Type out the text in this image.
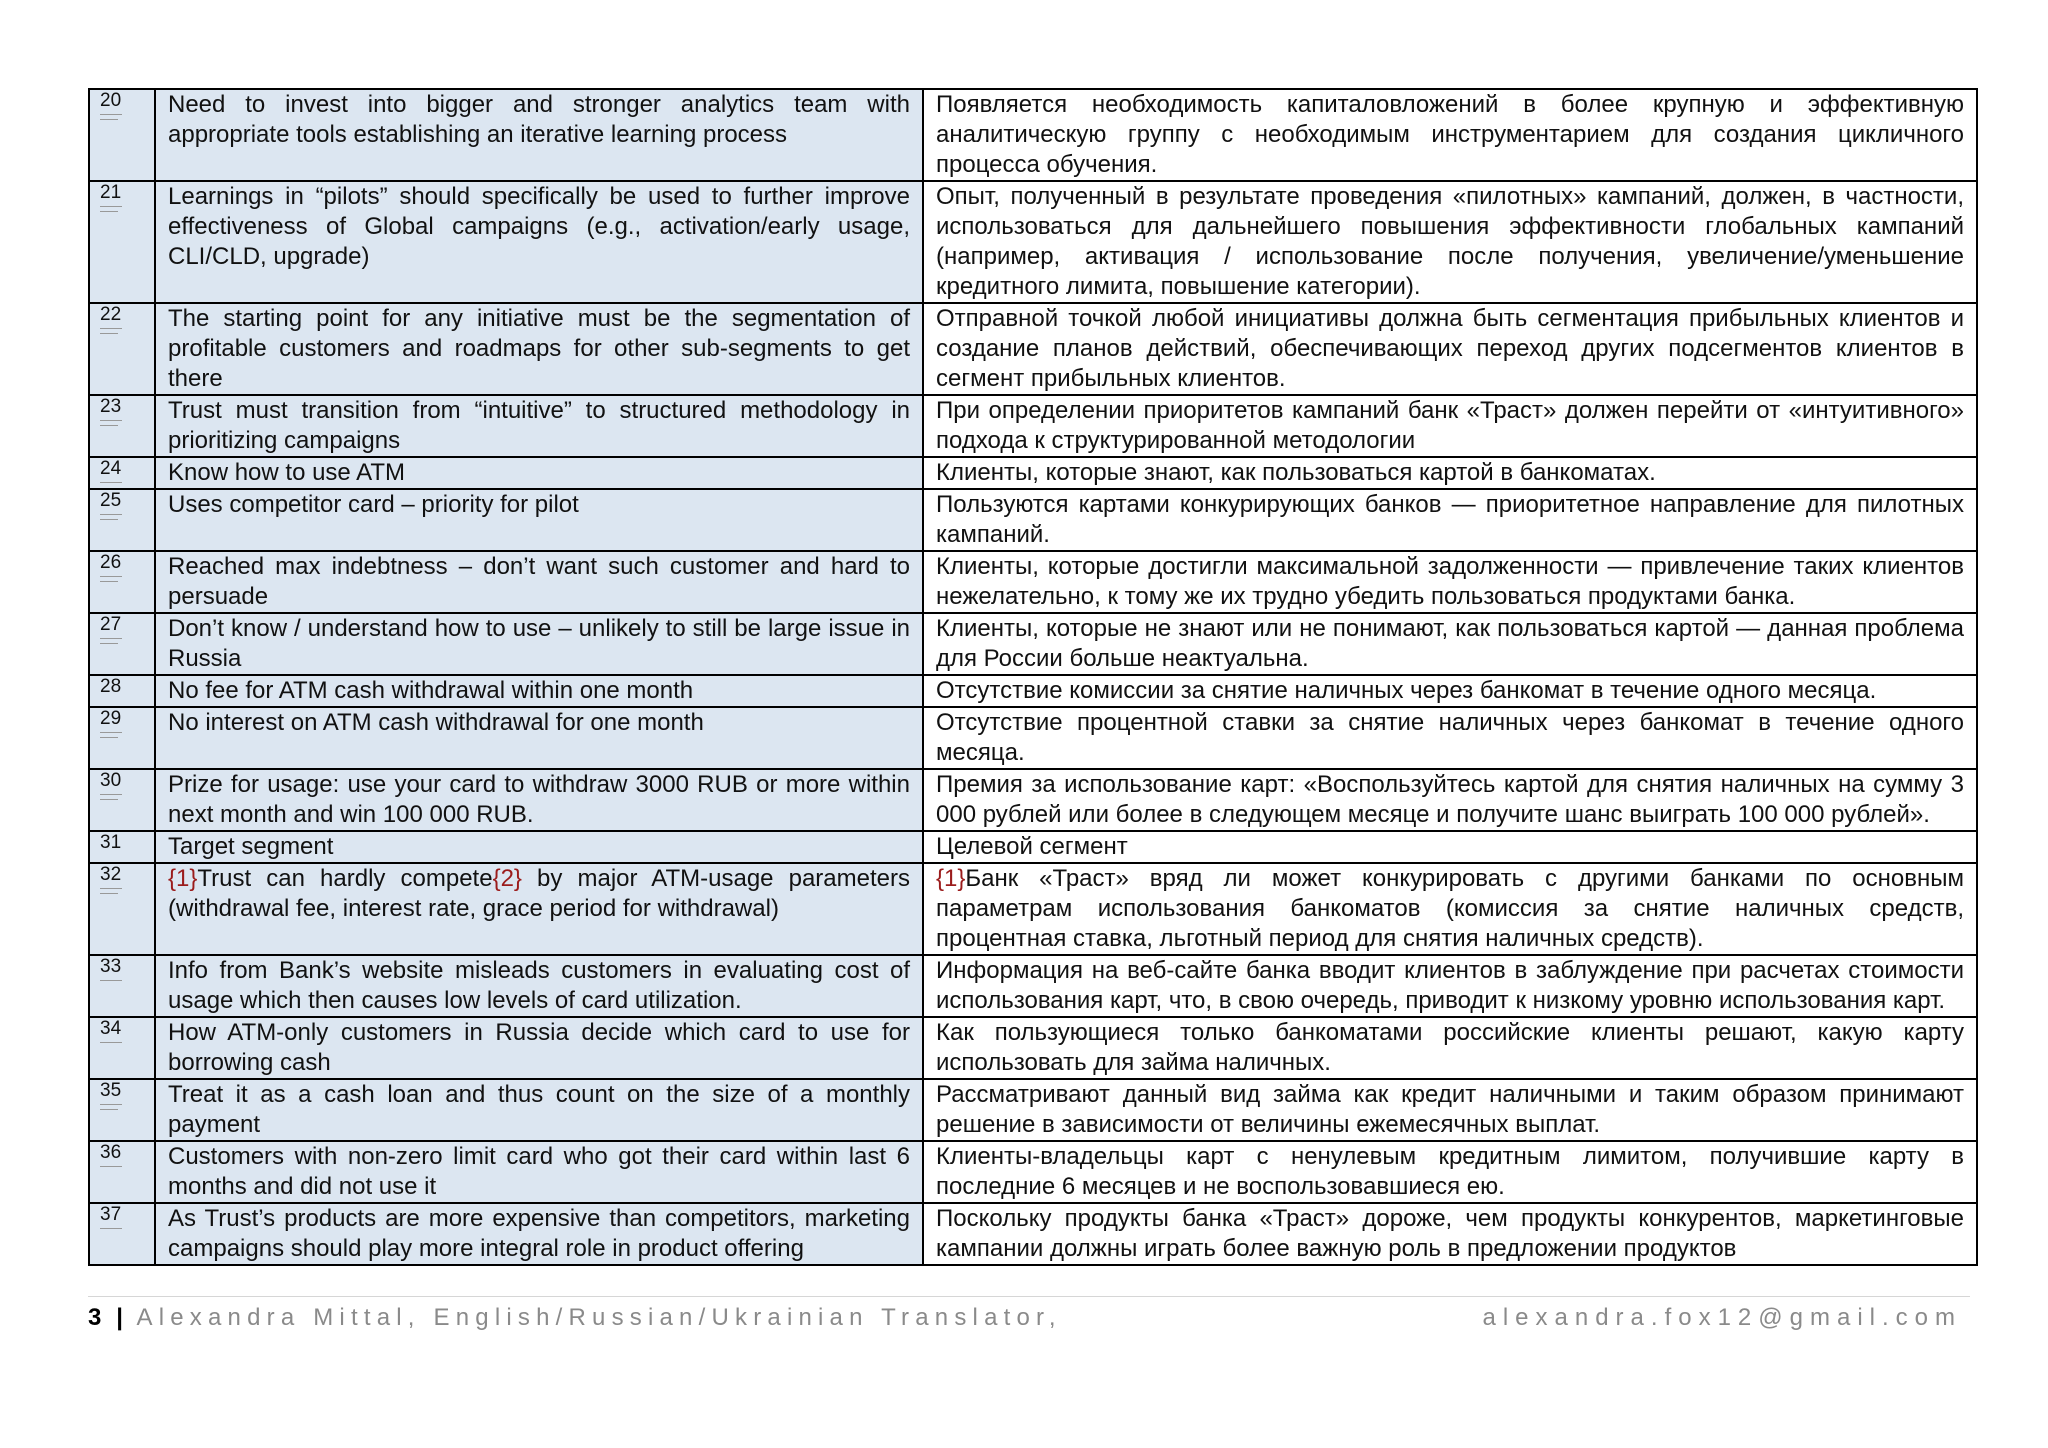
20	Need to invest into bigger and stronger analytics team with appropriate tools establishing an iterative learning process	Появляется необходимость капиталовложений в более крупную и эффективную аналитическую группу с необходимым инструментарием для создания цикличного процесса обучения.

21	Learnings in “pilots” should specifically be used to further improve effectiveness of Global campaigns (e.g., activation/early usage, CLI/CLD, upgrade)	Опыт, полученный в результате проведения «пилотных» кампаний, должен, в частности, использоваться для дальнейшего повышения эффективности глобальных кампаний (например, активация / использование после получения, увеличение/уменьшение кредитного лимита, повышение категории).

22	The starting point for any initiative must be the segmentation of profitable customers and roadmaps for other sub-segments to get there	Отправной точкой любой инициативы должна быть сегментация прибыльных клиентов и создание планов действий, обеспечивающих переход других подсегментов клиентов в сегмент прибыльных клиентов.

23	Trust must transition from “intuitive” to structured methodology in prioritizing campaigns	При определении приоритетов кампаний банк «Траст» должен перейти от «интуитивного» подхода к структурированной методологии

24	Know how to use ATM	Клиенты, которые знают, как пользоваться картой в банкоматах.

25	Uses competitor card – priority for pilot	Пользуются картами конкурирующих банков — приоритетное направление для пилотных кампаний.

26	Reached max indebtness – don’t want such customer and hard to persuade	Клиенты, которые достигли максимальной задолженности — привлечение таких клиентов нежелательно, к тому же их трудно убедить пользоваться продуктами банка.

27	Don’t know / understand how to use – unlikely to still be large issue in Russia	Клиенты, которые не знают или не понимают, как пользоваться картой — данная проблема для России больше неактуальна.

28	No fee for ATM cash withdrawal within one month	Отсутствие комиссии за снятие наличных через банкомат в течение одного месяца.

29	No interest on ATM cash withdrawal for one month	Отсутствие процентной ставки за снятие наличных через банкомат в течение одного месяца.

30	Prize for usage: use your card to withdraw 3000 RUB or more within next month and win 100 000 RUB.	Премия за использование карт: «Воспользуйтесь картой для снятия наличных на сумму 3 000 рублей или более в следующем месяце и получите шанс выиграть 100 000 рублей».

31	Target segment	Целевой сегмент

32	{1}Trust can hardly compete{2} by major ATM-usage parameters (withdrawal fee, interest rate, grace period for withdrawal)	{1}Банк «Траст» вряд ли может конкурировать с другими банками по основным параметрам использования банкоматов (комиссия за снятие наличных средств, процентная ставка, льготный период для снятия наличных средств).

33	Info from Bank’s website misleads customers in evaluating cost of usage which then causes low levels of card utilization.	Информация на веб-сайте банка вводит клиентов в заблуждение при расчетах стоимости использования карт, что, в свою очередь, приводит к низкому уровню использования карт.

34	How ATM-only customers in Russia decide which card to use for borrowing cash	Как пользующиеся только банкоматами российские клиенты решают, какую карту использовать для займа наличных.

35	Treat it as a cash loan and thus count on the size of a monthly payment	Рассматривают данный вид займа как кредит наличными и таким образом принимают решение в зависимости от величины ежемесячных выплат.

36	Customers with non-zero limit card who got their card within last 6 months and did not use it	Клиенты-владельцы карт с ненулевым кредитным лимитом, получившие карту в последние 6 месяцев и не воспользовавшиеся ею.

37	As Trust’s products are more expensive than competitors, marketing campaigns should play more integral role in product offering	Поскольку продукты банка «Траст» дороже, чем продукты конкурентов, маркетинговые кампании должны играть более важную роль в предложении продуктов
3 | Alexandra Mittal, English/Russian/Ukrainian Translator,	alexandra.fox12@gmail.com
